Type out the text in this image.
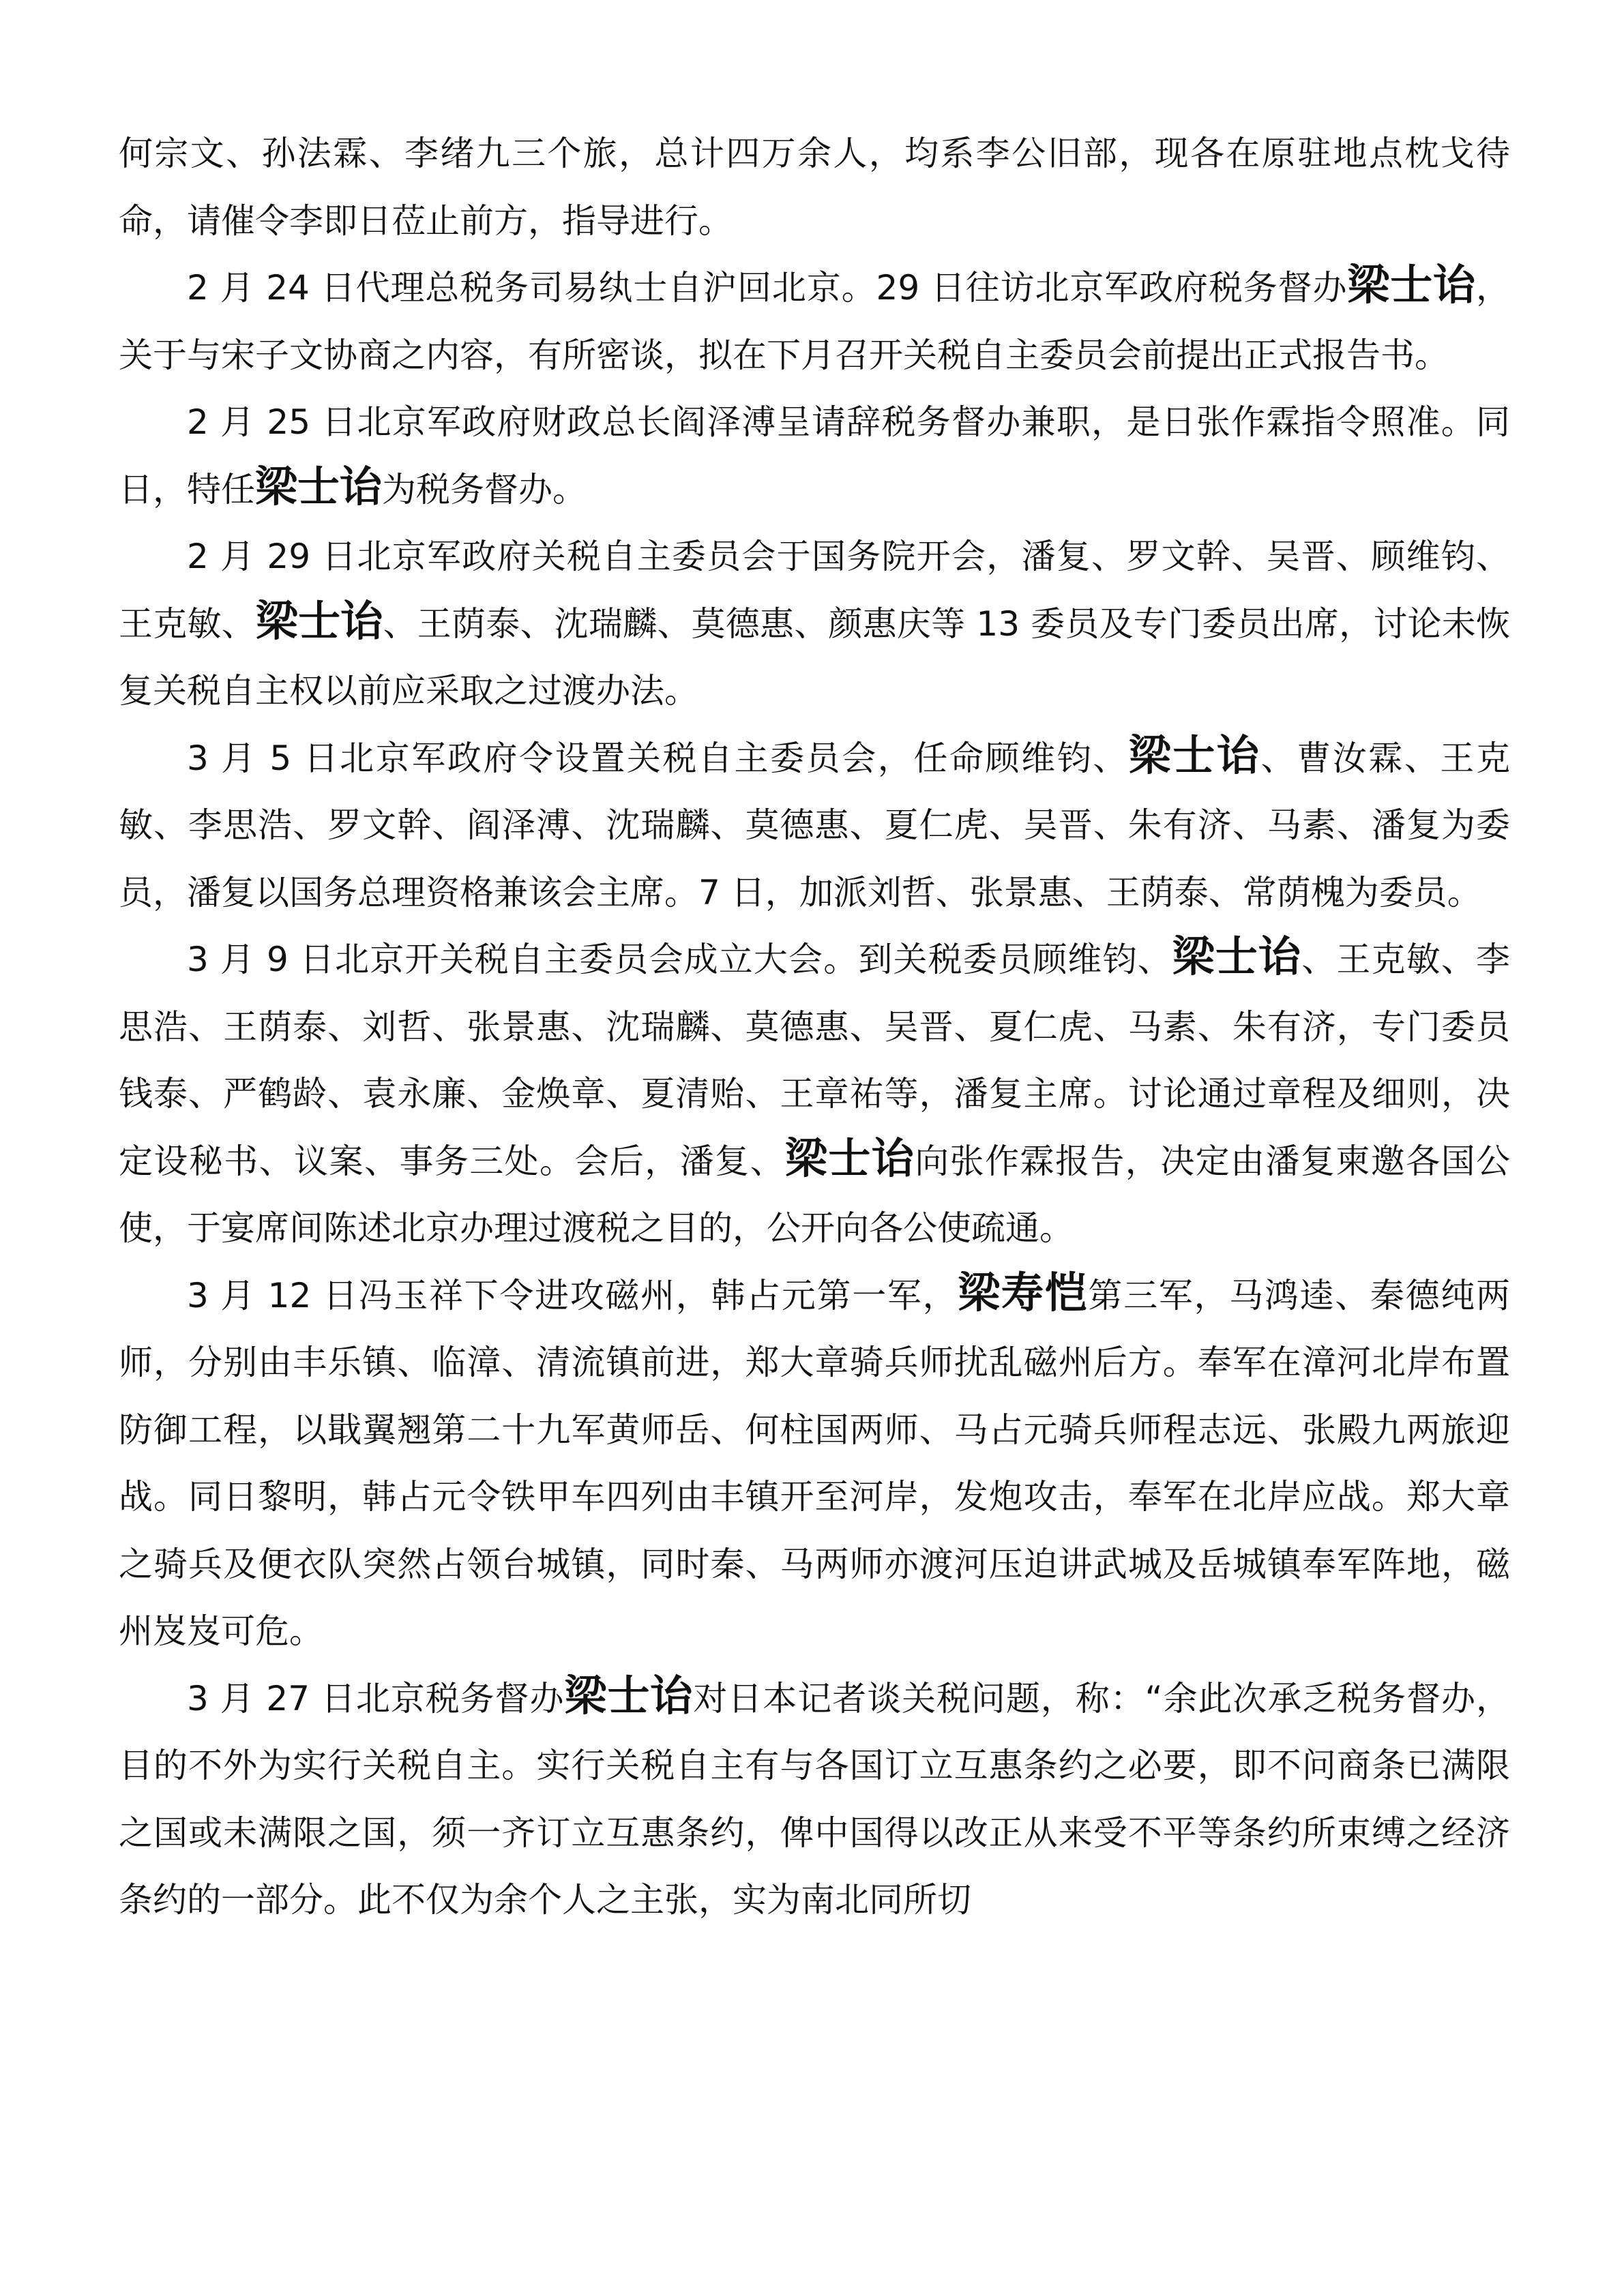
何宗文、孙法霖、李绪九三个旅，总计四万余人，均系李公旧部，现各在原驻地点枕戈待命，请催令李即日莅止前方，指导进行。

2 月 24 日代理总税务司易纨士自沪回北京。29 日往访北京军政府税务督办梁士诒，关于与宋子文协商之内容，有所密谈，拟在下月召开关税自主委员会前提出正式报告书。

2 月 25 日北京军政府财政总长阎泽溥呈请辞税务督办兼职，是日张作霖指令照准。同日，特任梁士诒为税务督办。

2 月 29 日北京军政府关税自主委员会于国务院开会，潘复、罗文幹、吴晋、顾维钧、王克敏、梁士诒、王荫泰、沈瑞麟、莫德惠、颜惠庆等 13 委员及专门委员出席，讨论未恢复关税自主权以前应采取之过渡办法。

3 月 5 日北京军政府令设置关税自主委员会，任命顾维钧、梁士诒、曹汝霖、王克敏、李思浩、罗文幹、阎泽溥、沈瑞麟、莫德惠、夏仁虎、吴晋、朱有济、马素、潘复为委员，潘复以国务总理资格兼该会主席。7 日，加派刘哲、张景惠、王荫泰、常荫槐为委员。

3 月 9 日北京开关税自主委员会成立大会。到关税委员顾维钧、梁士诒、王克敏、李思浩、王荫泰、刘哲、张景惠、沈瑞麟、莫德惠、吴晋、夏仁虎、马素、朱有济，专门委员钱泰、严鹤龄、袁永廉、金焕章、夏清贻、王章祐等，潘复主席。讨论通过章程及细则，决定设秘书、议案、事务三处。会后，潘复、梁士诒向张作霖报告，决定由潘复柬邀各国公使，于宴席间陈述北京办理过渡税之目的，公开向各公使疏通。

3 月 12 日冯玉祥下令进攻磁州，韩占元第一军，梁寿恺第三军，马鸿逵、秦德纯两师，分别由丰乐镇、临漳、清流镇前进，郑大章骑兵师扰乱磁州后方。奉军在漳河北岸布置防御工程，以戢翼翘第二十九军黄师岳、何柱国两师、马占元骑兵师程志远、张殿九两旅迎战。同日黎明，韩占元令铁甲车四列由丰镇开至河岸，发炮攻击，奉军在北岸应战。郑大章之骑兵及便衣队突然占领台城镇，同时秦、马两师亦渡河压迫讲武城及岳城镇奉军阵地，磁州岌岌可危。

3 月 27 日北京税务督办梁士诒对日本记者谈关税问题，称：“余此次承乏税务督办，目的不外为实行关税自主。实行关税自主有与各国订立互惠条约之必要，即不问商条已满限之国或未满限之国，须一齐订立互惠条约，俾中国得以改正从来受不平等条约所束缚之经济条约的一部分。此不仅为余个人之主张，实为南北同所切
